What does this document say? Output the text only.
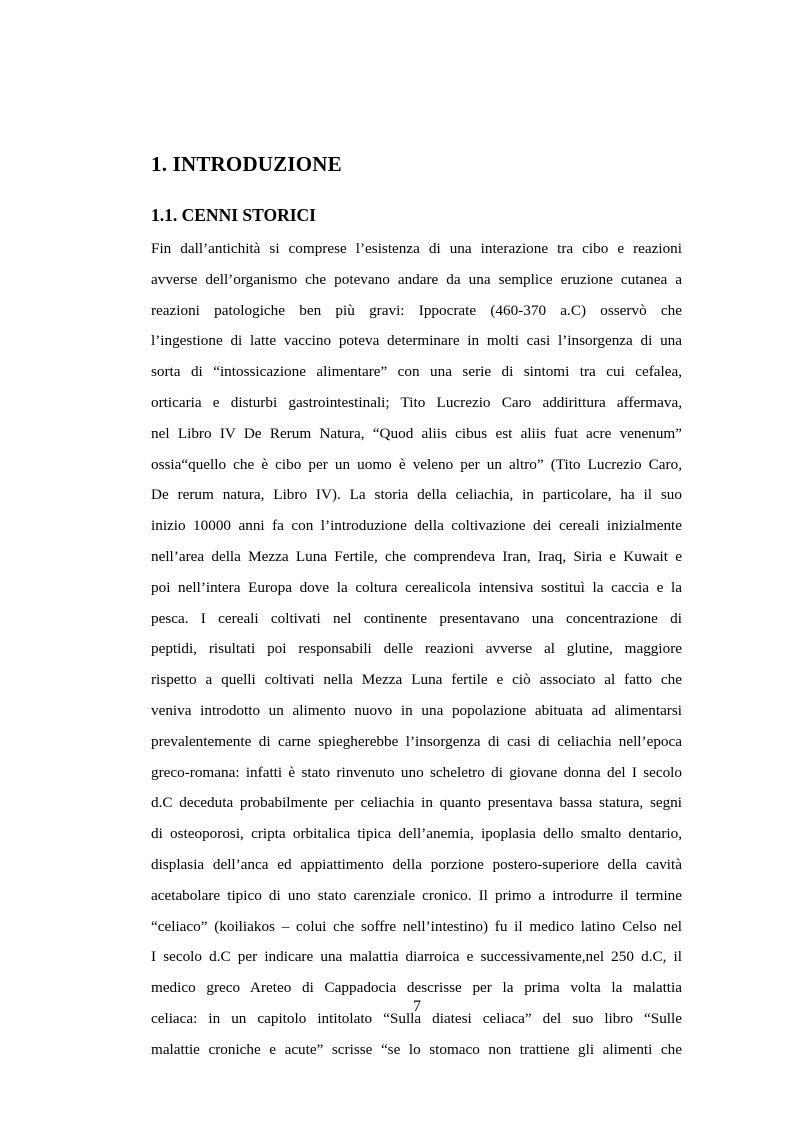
1. INTRODUZIONE
1.1. CENNI STORICI
Fin dall’antichità si comprese l’esistenza di una interazione tra cibo e reazioni
avverse dell’organismo che potevano andare da una semplice eruzione cutanea a
reazioni patologiche ben più gravi: Ippocrate (460-370 a.C) osservò che
l’ingestione di latte vaccino poteva determinare in molti casi l’insorgenza di una
sorta di “intossicazione alimentare” con una serie di sintomi tra cui cefalea,
orticaria e disturbi gastrointestinali; Tito Lucrezio Caro addirittura affermava,
nel Libro IV De Rerum Natura, “Quod aliis cibus est aliis fuat acre venenum”
ossia“quello che è cibo per un uomo è veleno per un altro” (Tito Lucrezio Caro,
De rerum natura, Libro IV). La storia della celiachia, in particolare, ha il suo
inizio 10000 anni fa con l’introduzione della coltivazione dei cereali inizialmente
nell’area della Mezza Luna Fertile, che comprendeva Iran, Iraq, Siria e Kuwait e
poi nell’intera Europa dove la coltura cerealicola intensiva sostituì la caccia e la
pesca. I cereali coltivati nel continente presentavano una concentrazione di
peptidi, risultati poi responsabili delle reazioni avverse al glutine, maggiore
rispetto a quelli coltivati nella Mezza Luna fertile e ciò associato al fatto che
veniva introdotto un alimento nuovo in una popolazione abituata ad alimentarsi
prevalentemente di carne spiegherebbe l’insorgenza di casi di celiachia nell’epoca
greco-romana: infatti è stato rinvenuto uno scheletro di giovane donna del I secolo
d.C deceduta probabilmente per celiachia in quanto presentava bassa statura, segni
di osteoporosi, cripta orbitalica tipica dell’anemia, ipoplasia dello smalto dentario,
displasia dell’anca ed appiattimento della porzione postero-superiore della cavità
acetabolare tipico di uno stato carenziale cronico. Il primo a introdurre il termine
“celiaco” (koiliakos – colui che soffre nell’intestino) fu il medico latino Celso nel
I secolo d.C per indicare una malattia diarroica e successivamente,nel 250 d.C, il
medico greco Areteo di Cappadocia descrisse per la prima volta la malattia
celiaca: in un capitolo intitolato “Sulla diatesi celiaca” del suo libro “Sulle
malattie croniche e acute” scrisse “se lo stomaco non trattiene gli alimenti che
7
